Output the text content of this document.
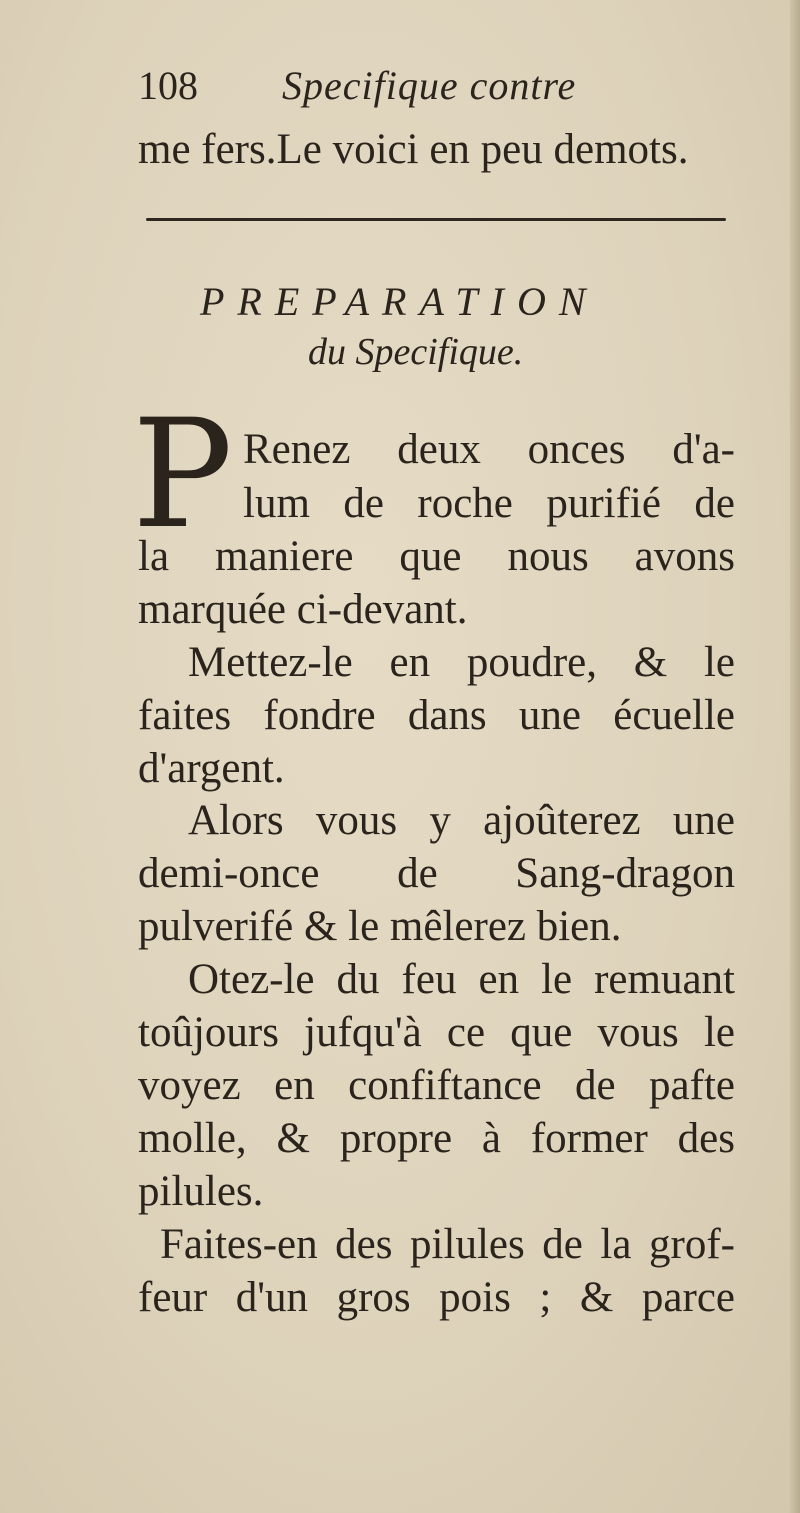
108 Specifique contre
me fers.Le voici en peu demots.
PREPARATION
du Specifique.
P Renez deux onces d'a-
lum de roche purifié de
la maniere que nous avons
marquée ci-devant.
Mettez-le en poudre, & le
faites fondre dans une écuelle
d'argent.
Alors vous y ajoûterez une
demi-once de Sang-dragon
pulverifé & le mêlerez bien.
Otez-le du feu en le remuant
toûjours jufqu'à ce que vous le
voyez en confiftance de pafte
molle, & propre à former des
pilules.
Faites-en des pilules de la grof-
feur d'un gros pois ; & parce
